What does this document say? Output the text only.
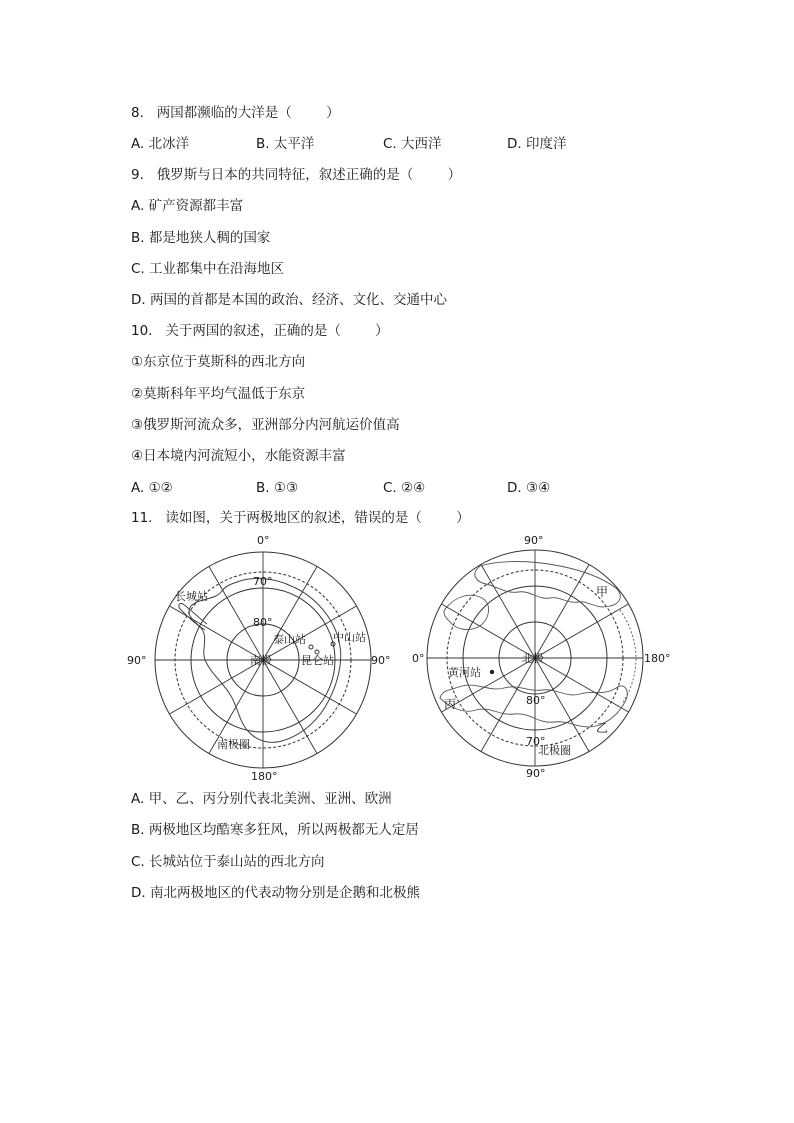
8.   两国都濒临的大洋是（        ）
A. 北冰洋	B. 太平洋	C. 大西洋	D. 印度洋
9.   俄罗斯与日本的共同特征，叙述正确的是（        ）
A. 矿产资源都丰富
B. 都是地狭人稠的国家
C. 工业都集中在沿海地区
D. 两国的首都是本国的政治、经济、文化、交通中心
10.   关于两国的叙述，正确的是（        ）
①东京位于莫斯科的西北方向
②莫斯科年平均气温低于东京
③俄罗斯河流众多，亚洲部分内河航运价值高
④日本境内河流短小，水能资源丰富
A. ①②	B. ①③	C. ②④	D. ③④
11.   读如图，关于两极地区的叙述，错误的是（        ）
0°
180°
90°	90°
70°
80°
长城站
泰山站 中山站
昆仑站
南极
南极圈
90°
90°
0°	180°
甲
乙
丙
黄河站
北极
80°
70°
北极圈
A. 甲、乙、丙分别代表北美洲、亚洲、欧洲
B. 两极地区均酷寒多狂风，所以两极都无人定居
C. 长城站位于泰山站的西北方向
D. 南北两极地区的代表动物分别是企鹅和北极熊
